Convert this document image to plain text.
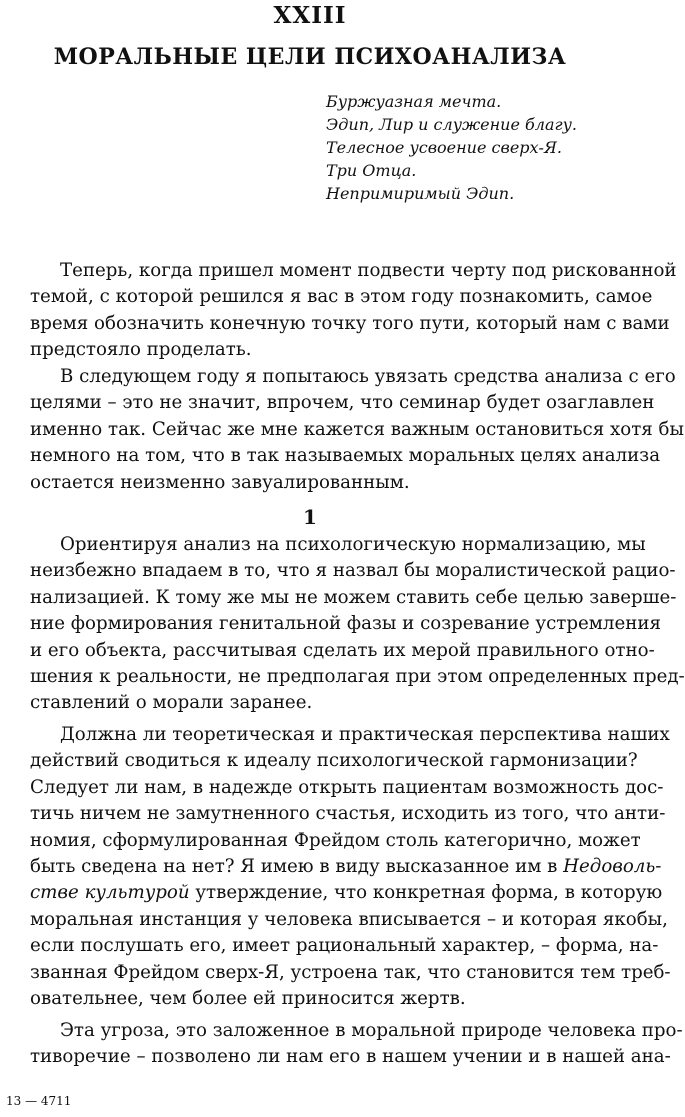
XXIII
МОРАЛЬНЫЕ ЦЕЛИ ПСИХОАНАЛИЗА
Буржуазная мечта.
Эдип, Лир и служение благу.
Телесное усвоение сверх-Я.
Три Отца.
Непримиримый Эдип.
Теперь, когда пришел момент подвести черту под рискованной
темой, с которой решился я вас в этом году познакомить, самое
время обозначить конечную точку того пути, который нам с вами
предстояло проделать.
В следующем году я попытаюсь увязать средства анализа с его
целями – это не значит, впрочем, что семинар будет озаглавлен
именно так. Сейчас же мне кажется важным остановиться хотя бы
немного на том, что в так называемых моральных целях анализа
остается неизменно завуалированным.
1
Ориентируя анализ на психологическую нормализацию, мы
неизбежно впадаем в то, что я назвал бы моралистической рацио-
нализацией. К тому же мы не можем ставить себе целью заверше-
ние формирования генитальной фазы и созревание устремления
и его объекта, рассчитывая сделать их мерой правильного отно-
шения к реальности, не предполагая при этом определенных пред-
ставлений о морали заранее.
Должна ли теоретическая и практическая перспектива наших
действий сводиться к идеалу психологической гармонизации?
Следует ли нам, в надежде открыть пациентам возможность дос-
тичь ничем не замутненного счастья, исходить из того, что анти-
номия, сформулированная Фрейдом столь категорично, может
быть сведена на нет? Я имею в виду высказанное им в Недоволь-
стве культурой утверждение, что конкретная форма, в которую
моральная инстанция у человека вписывается – и которая якобы,
если послушать его, имеет рациональный характер, – форма, на-
званная Фрейдом сверх-Я, устроена так, что становится тем треб-
овательнее, чем более ей приносится жертв.
Эта угроза, это заложенное в моральной природе человека про-
тиворечие – позволено ли нам его в нашем учении и в нашей ана-
13 — 4711
